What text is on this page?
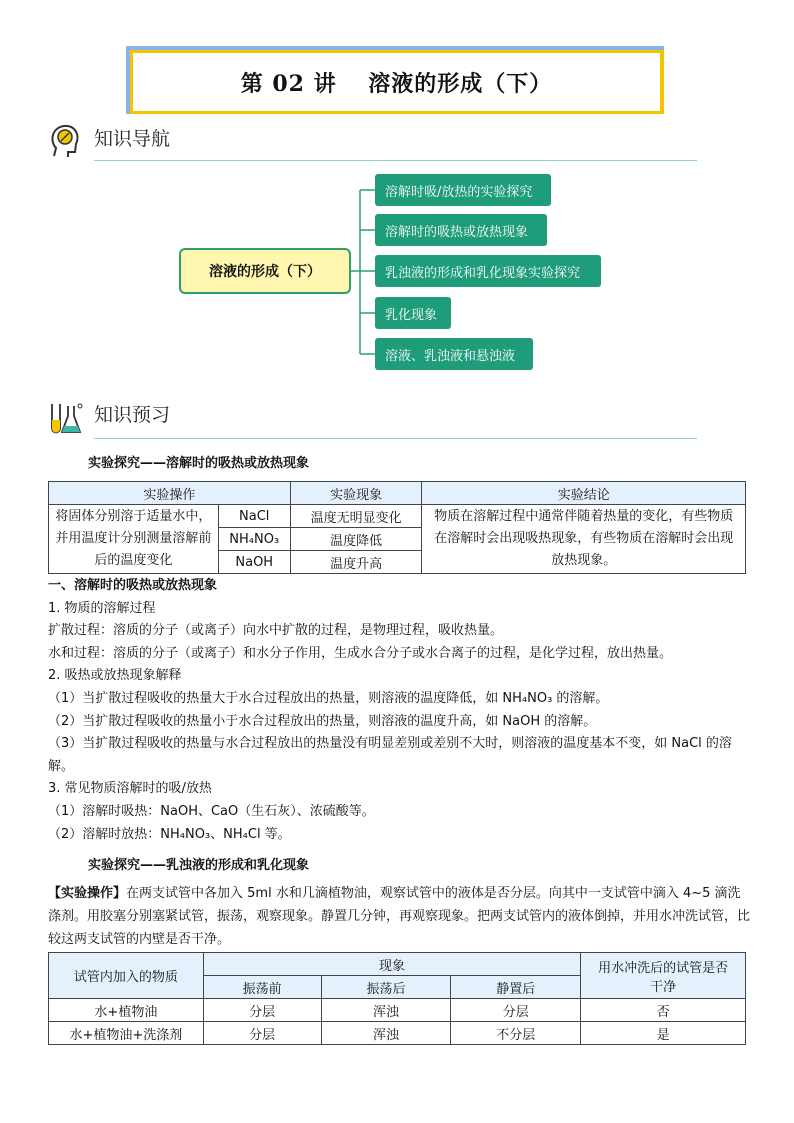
第 02 讲　 溶液的形成（下）
知识导航
溶液的形成（下）
溶解时吸/放热的实验探究
溶解时的吸热或放热现象
乳浊液的形成和乳化现象实验探究
乳化现象
溶液、乳浊液和悬浊液
知识预习
实验探究——溶解时的吸热或放热现象
实验操作		实验现象	实验结论
将固体分别溶于适量水中，并用温度计分别测量溶解前后的温度变化	NaCl	温度无明显变化	物质在溶解过程中通常伴随着热量的变化，有些物质在溶解时会出现吸热现象，有些物质在溶解时会出现放热现象。
	NH₄NO₃	温度降低	
	NaOH	温度升高	
一、溶解时的吸热或放热现象
1. 物质的溶解过程
扩散过程：溶质的分子（或离子）向水中扩散的过程，是物理过程，吸收热量。
水和过程：溶质的分子（或离子）和水分子作用，生成水合分子或水合离子的过程，是化学过程，放出热量。
2. 吸热或放热现象解释
（1）当扩散过程吸收的热量大于水合过程放出的热量，则溶液的温度降低，如 NH₄NO₃ 的溶解。
（2）当扩散过程吸收的热量小于水合过程放出的热量，则溶液的温度升高，如 NaOH 的溶解。
（3）当扩散过程吸收的热量与水合过程放出的热量没有明显差别或差别不大时，则溶液的温度基本不变，如 NaCl 的溶解。
3. 常见物质溶解时的吸/放热
（1）溶解时吸热：NaOH、CaO（生石灰）、浓硫酸等。
（2）溶解时放热：NH₄NO₃、NH₄Cl 等。
实验探究——乳浊液的形成和乳化现象
【实验操作】在两支试管中各加入 5ml 水和几滴植物油，观察试管中的液体是否分层。向其中一支试管中滴入 4~5 滴洗涤剂。用胶塞分别塞紧试管，振荡，观察现象。静置几分钟，再观察现象。把两支试管内的液体倒掉，并用水冲洗试管，比较这两支试管的内壁是否干净。
试管内加入的物质	现象			用水冲洗后的试管是否干净
	振荡前	振荡后	静置后	
水+植物油	分层	浑浊	分层	否
水+植物油+洗涤剂	分层	浑浊	不分层	是
